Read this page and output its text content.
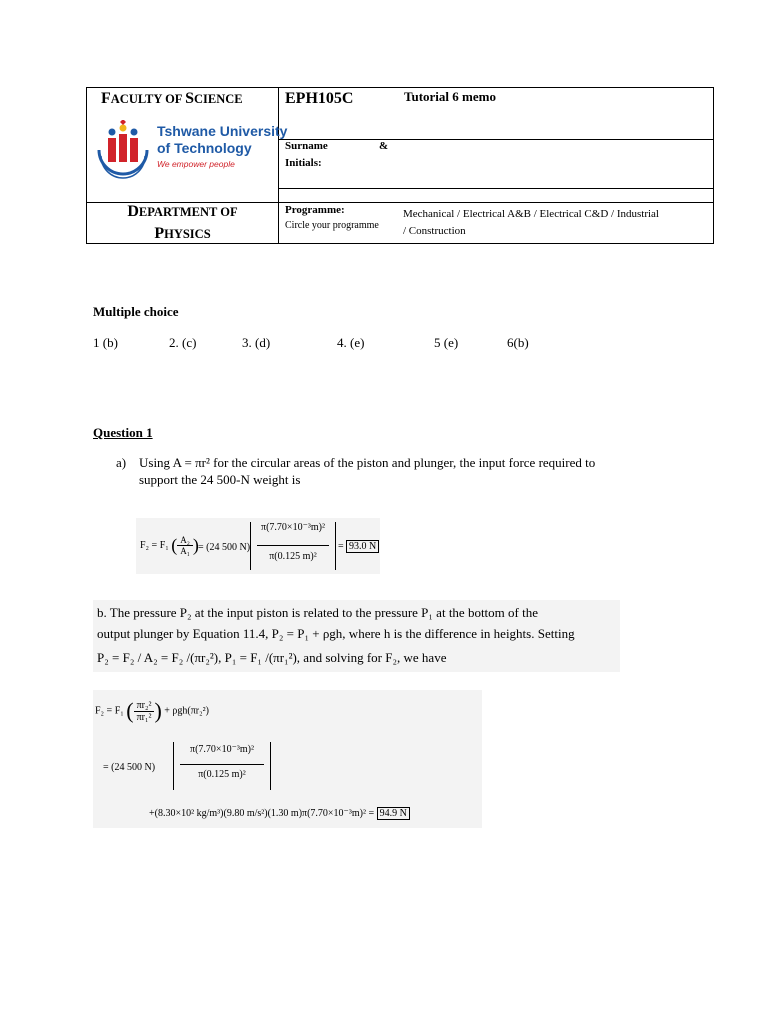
FACULTY OF SCIENCE
Tshwane University
of Technology
We empower people
DEPARTMENT OF
PHYSICS
EPH105C	Tutorial 6 memo
Surname	&
Initials:
Programme:
Circle your programme
Mechanical / Electrical A&B / Electrical C&D / Industrial
/ Construction
Multiple choice
1 (b)	2. (c)	3. (d)	4. (e)	5 (e)	6(b)
Question 1
a) Using A = πr² for the circular areas of the piston and plunger, the input force required to
support the 24 500-N weight is
F₂ = F₁ ( $\frac{\text{A₂}}{\text{A₁}}$ ) = (24 500 N)
π(7.70×10⁻³m)²
π(0.125 m)²
= 93.0 N
b. The pressure P₂ at the input piston is related to the pressure P₁ at the bottom of the
output plunger by Equation 11.4, P₂ = P₁ + ρgh, where h is the difference in heights. Setting
P₂ = F₂ / A₂ = F₂ /(πr₂²), P₁ = F₁ /(πr₁²), and solving for F₂, we have
F₂ = F₁ ( $\frac{\text{πr₂²}}{\text{πr₁²}}$ ) + ρgh(πr₂²)
= (24 500 N)
π(7.70×10⁻³m)²
π(0.125 m)²
+(8.30×10² kg/m³)(9.80 m/s²)(1.30 m)π(7.70×10⁻³m)² = 94.9 N
